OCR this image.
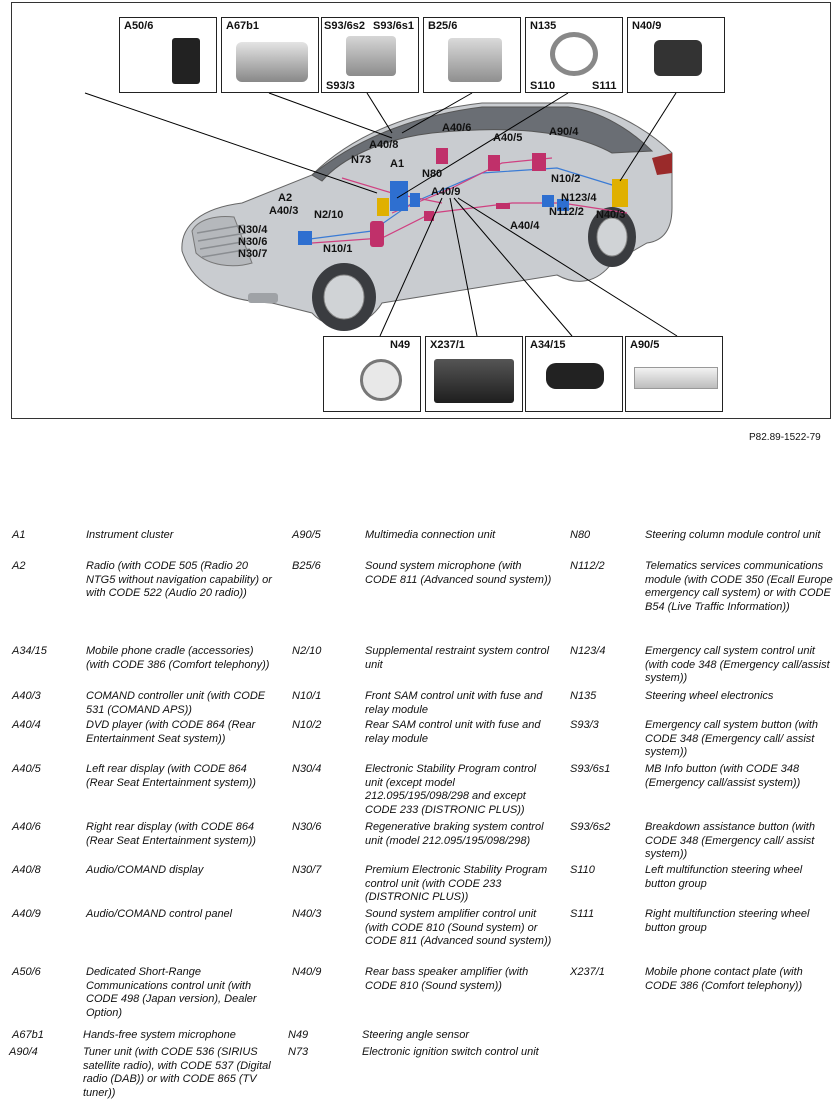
A50/6	A67b1	S93/6s2 S93/6s1
S93/3
B25/6	N135
S110	S111
N40/9
N49 X237/1	A34/15	A90/5
A40/8
A40/6
A40/5 A90/4
N73 A1
N80	N10/2
A2
A40/3
A40/9	N123/4
N112/2
N2/10	N40/3
A40/4
N30/4
N30/6
N30/7	N10/1
P82.89-1522-79
A1	Instrument cluster
A2	Radio (with CODE 505 (Radio 20 NTG5 without navigation capability) or with CODE 522 (Audio 20 radio))
A34/15	Mobile phone cradle (accessories) (with CODE 386 (Comfort telephony))
A40/3	COMAND controller unit (with CODE 531 (COMAND APS))
A40/4	DVD player (with CODE 864 (Rear Entertainment Seat system))
A40/5	Left rear display (with CODE 864 (Rear Seat Entertainment system))
A40/6	Right rear display (with CODE 864 (Rear Seat Entertainment system))
A40/8	Audio/COMAND display
A40/9	Audio/COMAND control panel
A50/6	Dedicated Short-Range Communications control unit (with CODE 498 (Japan version), Dealer Option)
A67b1	Hands-free system microphone
A90/4	Tuner unit (with CODE 536 (SIRIUS satellite radio), with CODE 537 (Digital radio (DAB)) or with CODE 865 (TV tuner))
A90/5	Multimedia connection unit
B25/6	Sound system microphone (with CODE 811 (Advanced sound system))
N2/10	Supplemental restraint system control unit
N10/1	Front SAM control unit with fuse and relay module
N10/2	Rear SAM control unit with fuse and relay module
N30/4	Electronic Stability Program control unit (except model 212.095/195/098/298 and except CODE 233 (DISTRONIC PLUS))
N30/6	Regenerative braking system control unit (model 212.095/195/098/298)
N30/7	Premium Electronic Stability Program control unit (with CODE 233 (DISTRONIC PLUS))
N40/3	Sound system amplifier control unit (with CODE 810 (Sound system) or CODE 811 (Advanced sound system))
N40/9	Rear bass speaker amplifier (with CODE 810 (Sound system))
N49	Steering angle sensor
N73	Electronic ignition switch control unit
N80	Steering column module control unit
N112/2	Telematics services communications module (with CODE 350 (Ecall Europe emergency call system) or with CODE B54 (Live Traffic Information))
N123/4	Emergency call system control unit (with code 348 (Emergency call/assist system))
N135	Steering wheel electronics
S93/3	Emergency call system button (with CODE 348 (Emergency call/ assist system))
S93/6s1	MB Info button (with CODE 348 (Emergency call/assist system))
S93/6s2	Breakdown assistance button (with CODE 348 (Emergency call/ assist system))
S110	Left multifunction steering wheel button group
S111	Right multifunction steering wheel button group
X237/1	Mobile phone contact plate (with CODE 386 (Comfort telephony))
